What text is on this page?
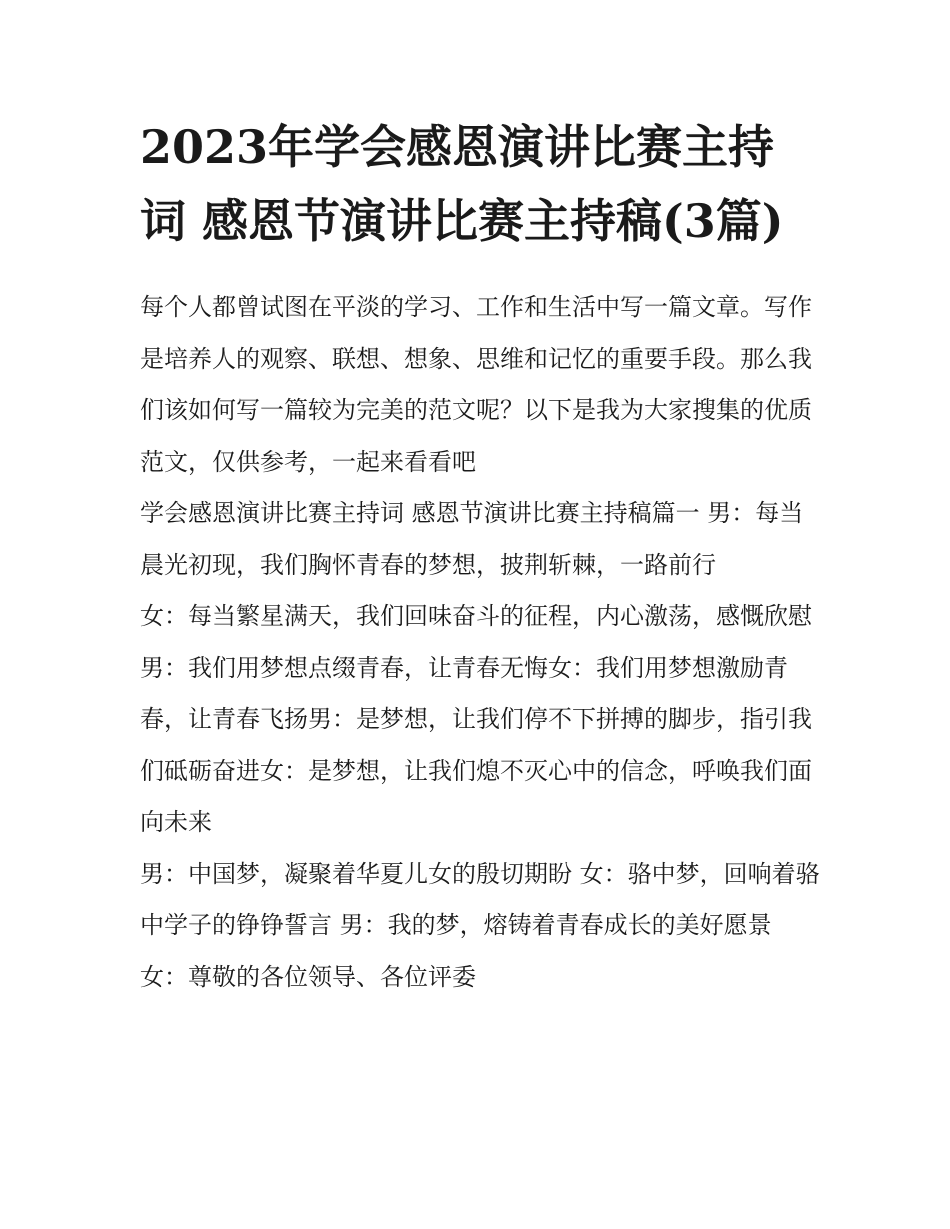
2023年学会感恩演讲比赛主持词 感恩节演讲比赛主持稿(3篇)

每个人都曾试图在平淡的学习、工作和生活中写一篇文章。写作是培养人的观察、联想、想象、思维和记忆的重要手段。那么我们该如何写一篇较为完美的范文呢？以下是我为大家搜集的优质范文，仅供参考，一起来看看吧

学会感恩演讲比赛主持词 感恩节演讲比赛主持稿篇一 男：每当晨光初现，我们胸怀青春的梦想，披荆斩棘，一路前行

女：每当繁星满天，我们回味奋斗的征程，内心激荡，感慨欣慰

男：我们用梦想点缀青春，让青春无悔女：我们用梦想激励青春，让青春飞扬男：是梦想，让我们停不下拼搏的脚步，指引我们砥砺奋进女：是梦想，让我们熄不灭心中的信念，呼唤我们面向未来

男：中国梦，凝聚着华夏儿女的殷切期盼 女：骆中梦，回响着骆中学子的铮铮誓言 男：我的梦，熔铸着青春成长的美好愿景 女：尊敬的各位领导、各位评委
